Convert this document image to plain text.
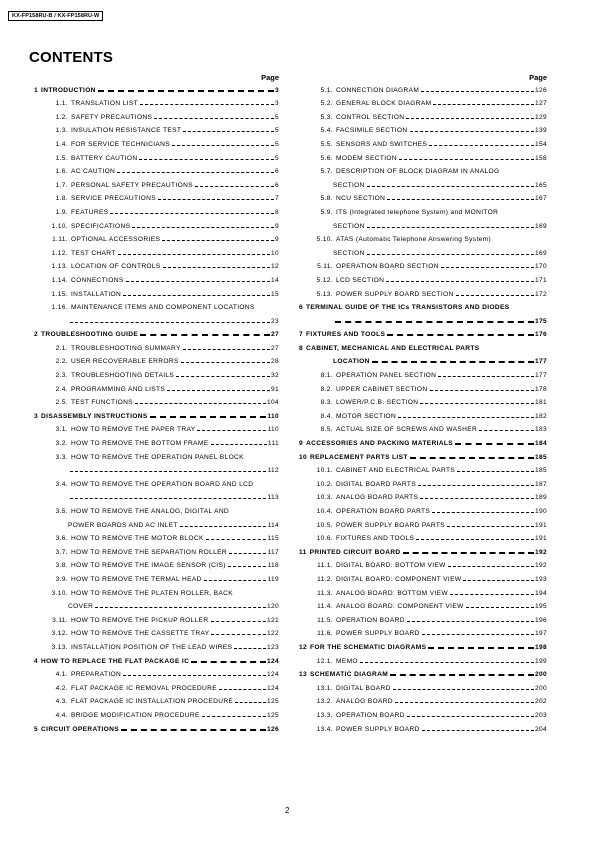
KX-FP158RU-B / KX-FP158RU-W
CONTENTS
Page
1 INTRODUCTION	3
1.1. TRANSLATION LIST	3
1.2. SAFETY PRECAUTIONS	5
1.3. INSULATION RESISTANCE TEST	5
1.4. FOR SERVICE TECHNICIANS	5
1.5. BATTERY CAUTION	5
1.6. AC CAUTION	6
1.7. PERSONAL SAFETY PRECAUTIONS	6
1.8. SERVICE PRECAUTIONS	7
1.9. FEATURES	8
1.10. SPECIFICATIONS	9
1.11. OPTIONAL ACCESSORIES	9
1.12. TEST CHART	10
1.13. LOCATION OF CONTROLS	12
1.14. CONNECTIONS	14
1.15. INSTALLATION	15
1.16. MAINTENANCE ITEMS AND COMPONENT LOCATIONS
23
2 TROUBLESHOOTING GUIDE	27
2.1. TROUBLESHOOTING SUMMARY	27
2.2. USER RECOVERABLE ERRORS	28
2.3. TROUBLESHOOTING DETAILS	32
2.4. PROGRAMMING AND LISTS	91
2.5. TEST FUNCTIONS	104
3 DISASSEMBLY INSTRUCTIONS	110
3.1. HOW TO REMOVE THE PAPER TRAY	110
3.2. HOW TO REMOVE THE BOTTOM FRAME	111
3.3. HOW TO REMOVE THE OPERATION PANEL BLOCK
112
3.4. HOW TO REMOVE THE OPERATION BOARD AND LCD
113
3.5. HOW TO REMOVE THE ANALOG, DIGITAL AND
POWER BOARDS AND AC INLET	114
3.6. HOW TO REMOVE THE MOTOR BLOCK	115
3.7. HOW TO REMOVE THE SEPARATION ROLLER	117
3.8. HOW TO REMOVE THE IMAGE SENSOR (CIS)	118
3.9. HOW TO REMOVE THE TERMAL HEAD	119
3.10. HOW TO REMOVE THE PLATEN ROLLER, BACK
COVER	120
3.11. HOW TO REMOVE THE PICKUP ROLLER	121
3.12. HOW TO REMOVE THE CASSETTE TRAY	122
3.13. INSTALLATION POSITION OF THE LEAD WIRES	123
4 HOW TO REPLACE THE FLAT PACKAGE IC	124
4.1. PREPARATION	124
4.2. FLAT PACKAGE IC REMOVAL PROCEDURE	124
4.3. FLAT PACKAGE IC INSTALLATION PROCEDURE	125
4.4. BRIDGE MODIFICATION PROCEDURE	125
5 CIRCUIT OPERATIONS	126
Page
5.1. CONNECTION DIAGRAM	126
5.2. GENERAL BLOCK DIAGRAM	127
5.3. CONTROL SECTION	129
5.4. FACSIMILE SECTION	139
5.5. SENSORS AND SWITCHES	154
5.6. MODEM SECTION	158
5.7. DESCRIPTION OF BLOCK DIAGRAM IN ANALOG
SECTION	165
5.8. NCU SECTION	167
5.9. ITS (Integrated telephone System) and MONITOR
SECTION	169
5.10. ATAS (Automatic Telephone Answering System)
SECTION	169
5.11. OPERATION BOARD SECTION	170
5.12. LCD SECTION	171
5.13. POWER SUPPLY BOARD SECTION	172
6 TERMINAL GUIDE OF THE ICs TRANSISTORS AND DIODES
175
7 FIXTURES AND TOOLS	176
8 CABINET, MECHANICAL AND ELECTRICAL PARTS
LOCATION	177
8.1. OPERATION PANEL SECTION	177
8.2. UPPER CABINET SECTION	178
8.3. LOWER/P.C.B. SECTION	181
8.4. MOTOR SECTION	182
8.5. ACTUAL SIZE OF SCREWS AND WASHER	183
9 ACCESSORIES AND PACKING MATERIALS	184
10 REPLACEMENT PARTS LIST	185
10.1. CABINET AND ELECTRICAL PARTS	185
10.2. DIGITAL BOARD PARTS	187
10.3. ANALOG BOARD PARTS	189
10.4. OPERATION BOARD PARTS	190
10.5. POWER SUPPLY BOARD PARTS	191
10.6. FIXTURES AND TOOLS	191
11 PRINTED CIRCUIT BOARD	192
11.1. DIGITAL BOARD: BOTTOM VIEW	192
11.2. DIGITAL BOARD: COMPONENT VIEW	193
11.3. ANALOG BOARD: BOTTOM VIEW	194
11.4. ANALOG BOARD: COMPONENT VIEW	195
11.5. OPERATION BOARD	196
11.6. POWER SUPPLY BOARD	197
12 FOR THE SCHEMATIC DIAGRAMS	198
12.1. MEMO	199
13 SCHEMATIC DIAGRAM	200
13.1. DIGITAL BOARD	200
13.2. ANALOG BOARD	202
13.3. OPERATION BOARD	203
13.4. POWER SUPPLY BOARD	204
2
